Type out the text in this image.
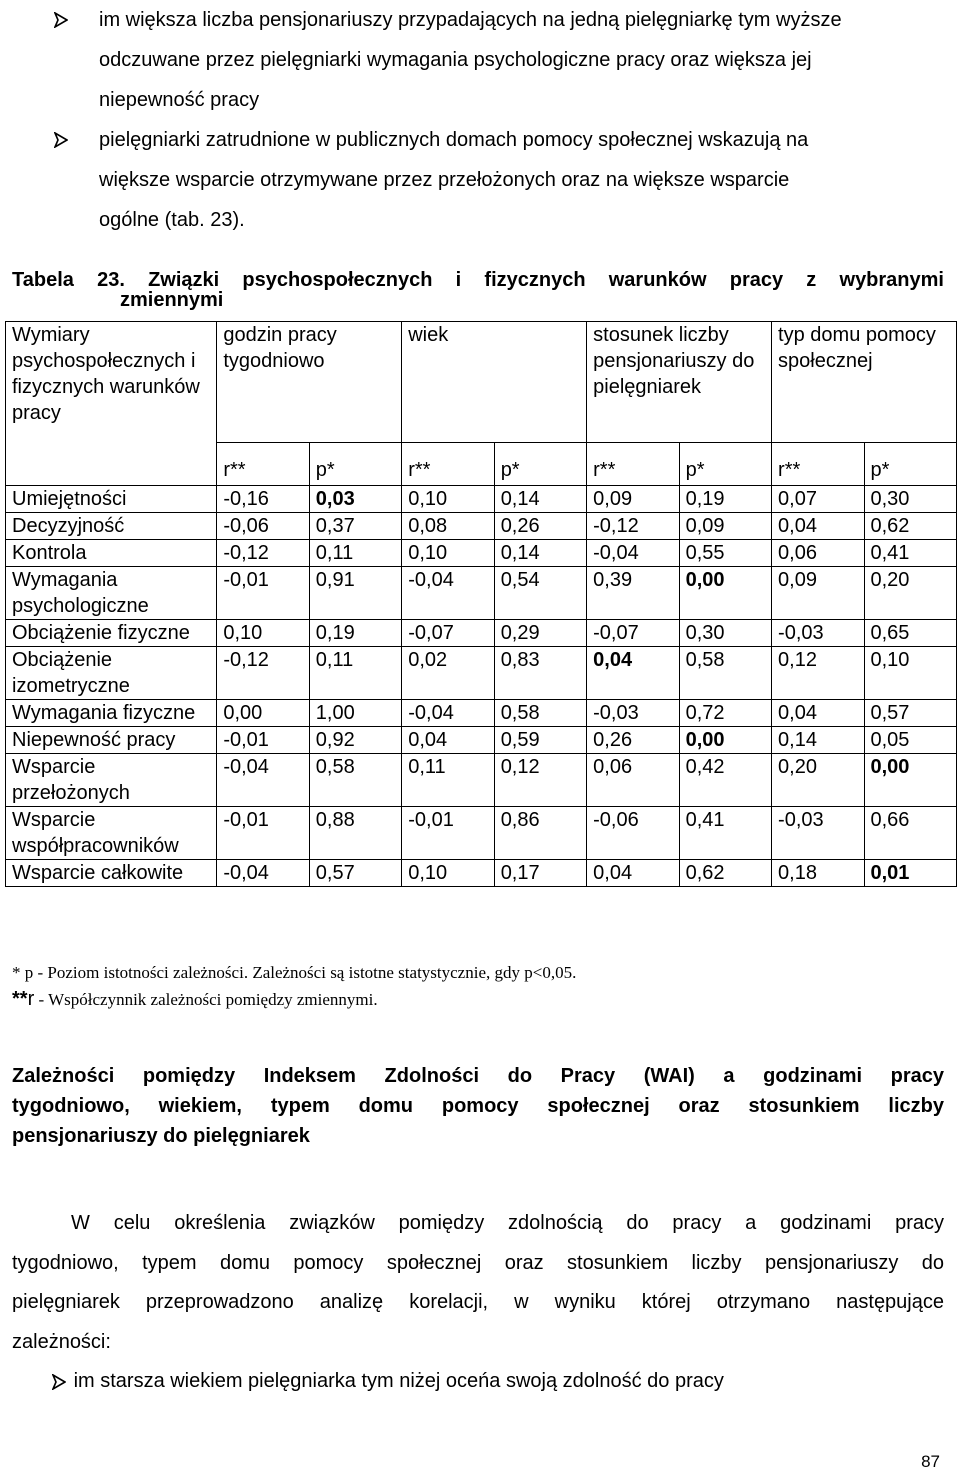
im większa liczba pensjonariuszy przypadających na jedną pielęgniarkę tym wyższe

odczuwane przez pielęgniarki wymagania psychologiczne pracy oraz większa jej

niepewność pracy

pielęgniarki zatrudnione w publicznych domach pomocy społecznej wskazują na

większe wsparcie otrzymywane przez przełożonych oraz na większe wsparcie

ogólne (tab. 23).

Tabela 23. Związki psychospołecznych i fizycznych warunków pracy z wybranymi
zmiennymi
Wymiary psychospołecznych i fizycznych warunków pracy	godzin pracy tygodniowo		wiek		stosunek liczby pensjonariuszy do pielęgniarek		typ domu pomocy społecznej	
	r**	p*	r**	p*	r**	p*	r**	p*
Umiejętności	-0,16	0,03	0,10	0,14	0,09	0,19	0,07	0,30
Decyzyjność	-0,06	0,37	0,08	0,26	-0,12	0,09	0,04	0,62
Kontrola	-0,12	0,11	0,10	0,14	-0,04	0,55	0,06	0,41
Wymagania psychologiczne	-0,01	0,91	-0,04	0,54	0,39	0,00	0,09	0,20
Obciążenie fizyczne	0,10	0,19	-0,07	0,29	-0,07	0,30	-0,03	0,65
Obciążenie izometryczne	-0,12	0,11	0,02	0,83	0,04	0,58	0,12	0,10
Wymagania fizyczne	0,00	1,00	-0,04	0,58	-0,03	0,72	0,04	0,57
Niepewność pracy	-0,01	0,92	0,04	0,59	0,26	0,00	0,14	0,05
Wsparcie przełożonych	-0,04	0,58	0,11	0,12	0,06	0,42	0,20	0,00
Wsparcie współpracowników	-0,01	0,88	-0,01	0,86	-0,06	0,41	-0,03	0,66
Wsparcie całkowite	-0,04	0,57	0,10	0,17	0,04	0,62	0,18	0,01
* p - Poziom istotności zależności. Zależności są istotne statystycznie, gdy p<0,05.
**r - Współczynnik zależności pomiędzy zmiennymi.
Zależności pomiędzy Indeksem Zdolności do Pracy (WAI) a godzinami pracy
tygodniowo, wiekiem, typem domu pomocy społecznej oraz stosunkiem liczby
pensjonariuszy do pielęgniarek
W celu określenia związków pomiędzy zdolnością do pracy a godzinami pracy
tygodniowo, typem domu pomocy społecznej oraz stosunkiem liczby pensjonariuszy do
pielęgniarek przeprowadzono analizę korelacji, w wyniku której otrzymano następujące
zależności:
im starsza wiekiem pielęgniarka tym niżej oceńa swoją zdolność do pracy
87
